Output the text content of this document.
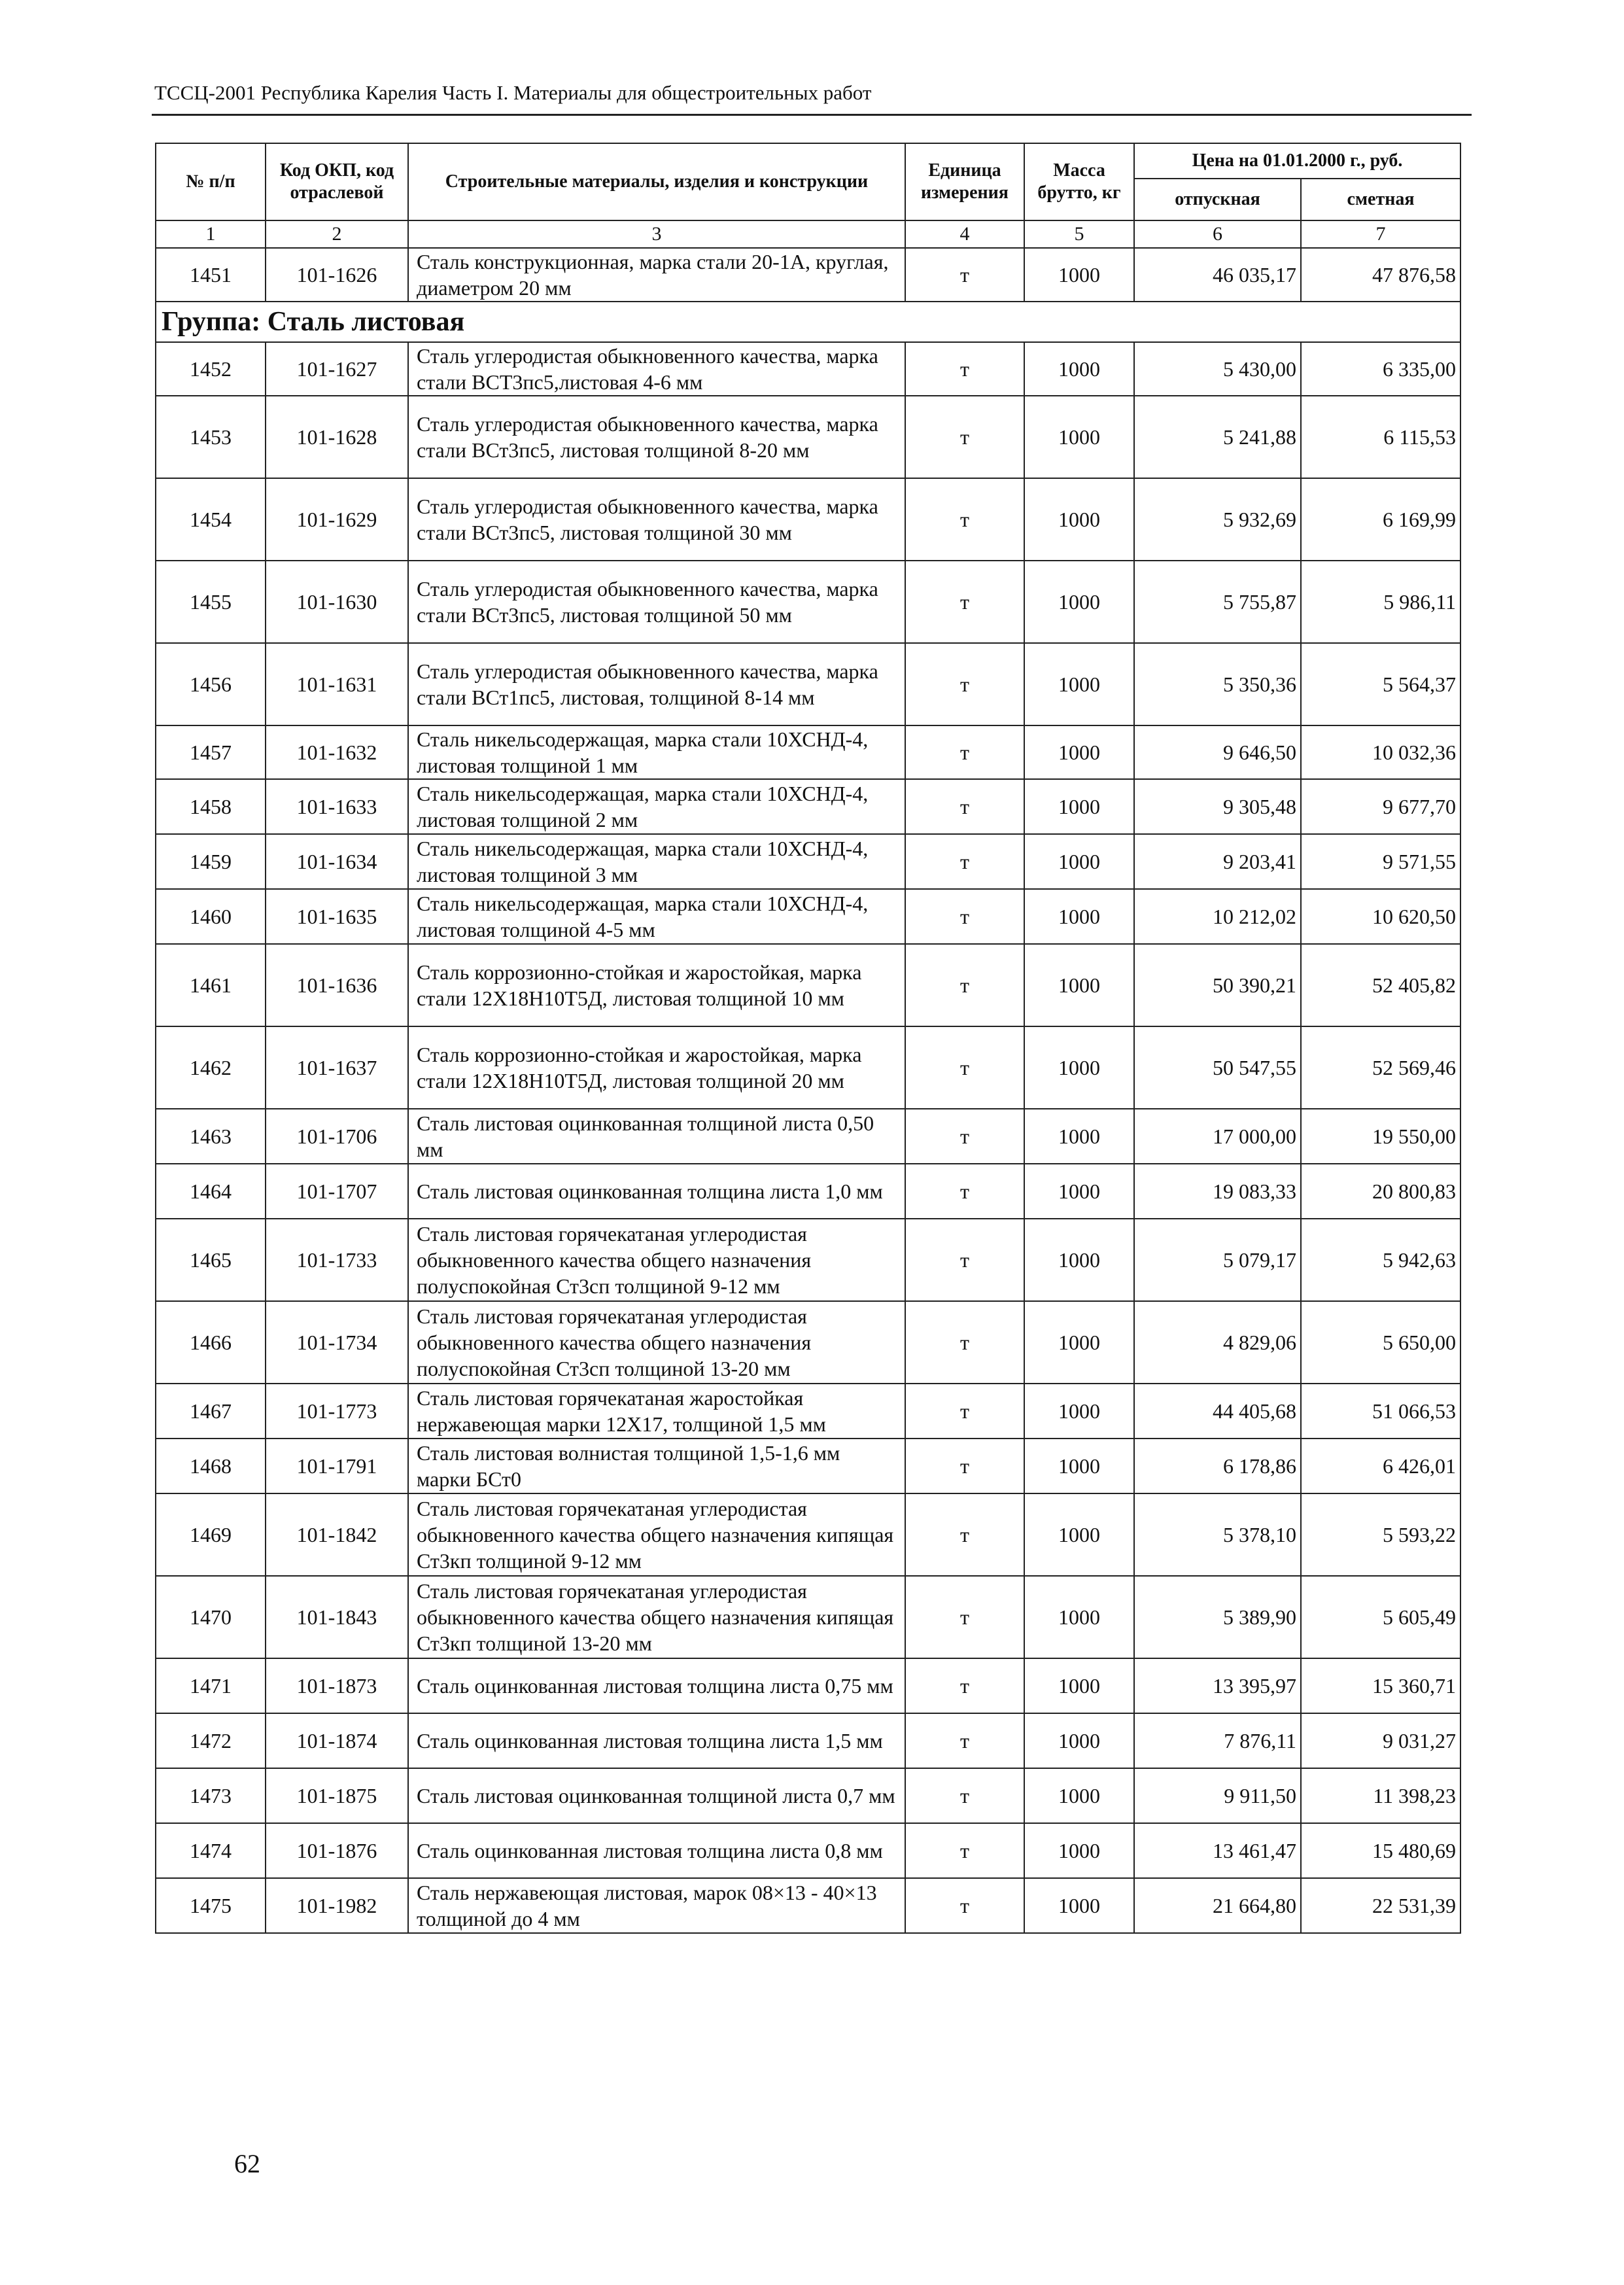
ТССЦ-2001 Республика Карелия Часть I. Материалы для общестроительных работ
№ п/п	Код ОКП, код отраслевой	Строительные материалы, изделия и конструкции	Единица измерения	Масса брутто, кг	Цена на 01.01.2000 г., руб.	
					отпускная	сметная
1	2	3	4	5	6	7
1451	101-1626	Сталь конструкционная, марка стали 20-1А, круглая, диаметром 20 мм	т	1000	46 035,17	47 876,58
Группа: Сталь листовая						
1452	101-1627	Сталь углеродистая обыкновенного качества, марка стали ВСТ3пс5,листовая 4-6 мм	т	1000	5 430,00	6 335,00
1453	101-1628	Сталь углеродистая обыкновенного качества, марка стали ВСт3пс5, листовая толщиной 8-20 мм	т	1000	5 241,88	6 115,53
1454	101-1629	Сталь углеродистая обыкновенного качества, марка стали ВСт3пс5, листовая толщиной 30 мм	т	1000	5 932,69	6 169,99
1455	101-1630	Сталь углеродистая обыкновенного качества, марка стали ВСт3пс5, листовая толщиной 50 мм	т	1000	5 755,87	5 986,11
1456	101-1631	Сталь углеродистая обыкновенного качества, марка стали ВСт1пс5, листовая, толщиной 8-14 мм	т	1000	5 350,36	5 564,37
1457	101-1632	Сталь никельсодержащая, марка стали 10ХСНД-4, листовая толщиной 1 мм	т	1000	9 646,50	10 032,36
1458	101-1633	Сталь никельсодержащая, марка стали 10ХСНД-4, листовая толщиной 2 мм	т	1000	9 305,48	9 677,70
1459	101-1634	Сталь никельсодержащая, марка стали 10ХСНД-4, листовая толщиной 3 мм	т	1000	9 203,41	9 571,55
1460	101-1635	Сталь никельсодержащая, марка стали 10ХСНД-4, листовая толщиной 4-5 мм	т	1000	10 212,02	10 620,50
1461	101-1636	Сталь коррозионно-стойкая и жаростойкая, марка стали 12Х18Н10Т5Д, листовая толщиной 10 мм	т	1000	50 390,21	52 405,82
1462	101-1637	Сталь коррозионно-стойкая и жаростойкая, марка стали 12Х18Н10Т5Д, листовая толщиной 20 мм	т	1000	50 547,55	52 569,46
1463	101-1706	Сталь листовая оцинкованная толщиной листа 0,50 мм	т	1000	17 000,00	19 550,00
1464	101-1707	Сталь листовая оцинкованная толщина листа 1,0 мм	т	1000	19 083,33	20 800,83
1465	101-1733	Сталь листовая горячекатаная углеродистая обыкновенного качества общего назначения полуспокойная Ст3сп толщиной 9-12 мм	т	1000	5 079,17	5 942,63
1466	101-1734	Сталь листовая горячекатаная углеродистая обыкновенного качества общего назначения полуспокойная Ст3сп толщиной 13-20 мм	т	1000	4 829,06	5 650,00
1467	101-1773	Сталь листовая горячекатаная жаростойкая нержавеющая марки 12Х17, толщиной 1,5 мм	т	1000	44 405,68	51 066,53
1468	101-1791	Сталь листовая волнистая толщиной 1,5-1,6 мм марки БСт0	т	1000	6 178,86	6 426,01
1469	101-1842	Сталь листовая горячекатаная углеродистая обыкновенного качества общего назначения кипящая Ст3кп толщиной 9-12 мм	т	1000	5 378,10	5 593,22
1470	101-1843	Сталь листовая горячекатаная углеродистая обыкновенного качества общего назначения кипящая Ст3кп толщиной 13-20 мм	т	1000	5 389,90	5 605,49
1471	101-1873	Сталь оцинкованная листовая толщина листа 0,75 мм	т	1000	13 395,97	15 360,71
1472	101-1874	Сталь оцинкованная листовая толщина листа 1,5 мм	т	1000	7 876,11	9 031,27
1473	101-1875	Сталь листовая оцинкованная толщиной листа 0,7 мм	т	1000	9 911,50	11 398,23
1474	101-1876	Сталь оцинкованная листовая толщина листа 0,8 мм	т	1000	13 461,47	15 480,69
1475	101-1982	Сталь нержавеющая листовая, марок 08×13 - 40×13 толщиной до 4 мм	т	1000	21 664,80	22 531,39
62
